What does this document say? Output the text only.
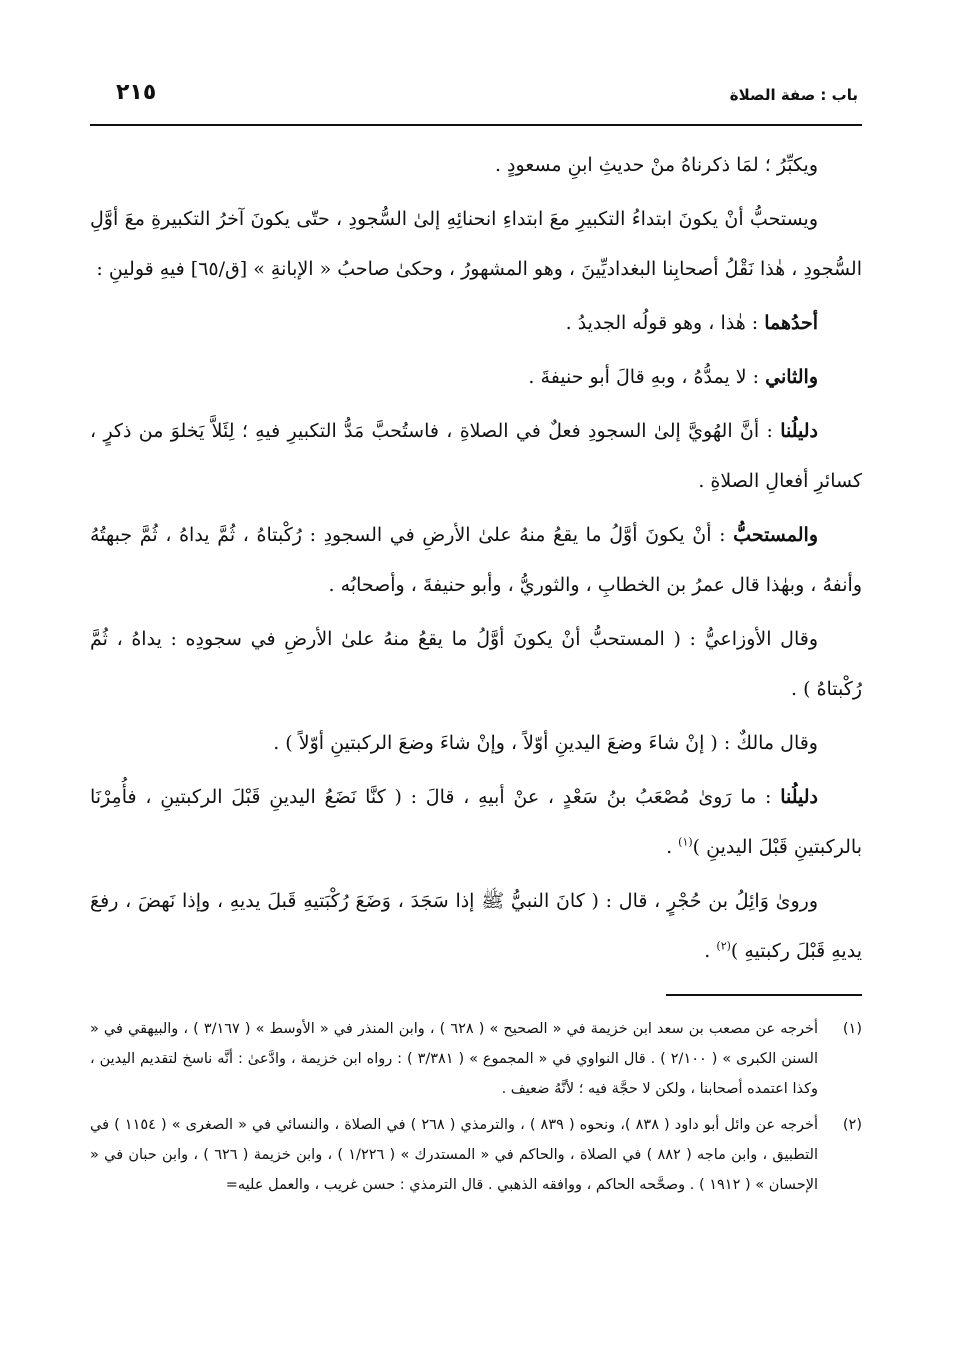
باب : صفة الصلاة
٢١٥

ويكبِّرُ ؛ لمَا ذكرناهُ منْ حديثِ ابنِ مسعودٍ .

ويستحبُّ أنْ يكونَ ابتداءُ التكبيرِ معَ ابتداءِ انحنائِهِ إلىٰ السُّجودِ ، حتّى يكونَ آخرُ التكبيرةِ معَ أوَّلِ السُّجودِ ، هٰذا نَقْلُ أصحابِنا البغداديِّينَ ، وهو المشهورُ ، وحكىٰ صاحبُ « الإبانةِ » [ق/٦٥] فيهِ قولينِ :

أحدُهما : هٰذا ، وهو قولُه الجديدُ .

والثاني : لا يمدُّهُ ، وبهِ قالَ أبو حنيفةَ .

دليلُنا : أنَّ الهُويَّ إلىٰ السجودِ فعلٌ في الصلاةِ ، فاستُحبَّ مَدُّ التكبيرِ فيهِ ؛ لِئَلاَّ يَخلوَ من ذكرٍ ، كسائرِ أفعالِ الصلاةِ .

والمستحبُّ : أنْ يكونَ أوَّلُ ما يقعُ منهُ علىٰ الأرضِ في السجودِ : رُكْبتاهُ ، ثُمَّ يداهُ ، ثُمَّ جبهتُهُ وأنفهُ ، وبهٰذا قال عمرُ بن الخطابِ ، والثوريُّ ، وأبو حنيفةَ ، وأصحابُه .

وقال الأوزاعيُّ : ( المستحبُّ أنْ يكونَ أوَّلُ ما يقعُ منهُ علىٰ الأرضِ في سجودِه : يداهُ ، ثُمَّ رُكْبتاهُ ) .

وقال مالكٌ : ( إنْ شاءَ وضعَ اليدينِ أوّلاً ، وإنْ شاءَ وضعَ الركبتينِ أوّلاً ) .

دليلُنا : ما رَوىٰ مُصْعَبُ بنُ سَعْدٍ ، عنْ أبيهِ ، قالَ : ( كنَّا نَضَعُ اليدينِ قَبْلَ الركبتينِ ، فأُمِرْنَا بالركبتينِ قَبْلَ اليدينِ )$^{(١)}$ .

وروىٰ وَائِلُ بن حُجْرٍ ، قال : ( كانَ النبيُّ ﷺ إذا سَجَدَ ، وَضَعَ رُكْبَتيهِ قَبلَ يديهِ ، وإذا نَهضَ ، رفعَ يديهِ قَبْلَ ركبتيهِ )$^{(٢)}$ .

(١)
أخرجه عن مصعب بن سعد ابن خزيمة في « الصحيح » ( ٦٢٨ ) ، وابن المنذر في « الأوسط » ( ٣/١٦٧ ) ، والبيهقي في « السنن الكبرى » ( ٢/١٠٠ ) . قال النواوي في « المجموع » ( ٣/٣٨١ ) : رواه ابن خزيمة ، وادَّعىٰ : أنَّه ناسخ لتقديم اليدين ، وكذا اعتمده أصحابنا ، ولكن لا حجَّة فيه ؛ لأنَّهُ ضعيف .
(٢)
أخرجه عن وائل أبو داود ( ٨٣٨ )، ونحوه ( ٨٣٩ ) ، والترمذي ( ٢٦٨ ) في الصلاة ، والنسائي في « الصغرى » ( ١١٥٤ ) في التطبيق ، وابن ماجه ( ٨٨٢ ) في الصلاة ، والحاكم في « المستدرك » ( ١/٢٢٦ ) ، وابن خزيمة ( ٦٢٦ ) ، وابن حبان في « الإحسان » ( ١٩١٢ ) . وصحَّحه الحاكم ، ووافقه الذهبي . قال الترمذي : حسن غريب ، والعمل عليه=
